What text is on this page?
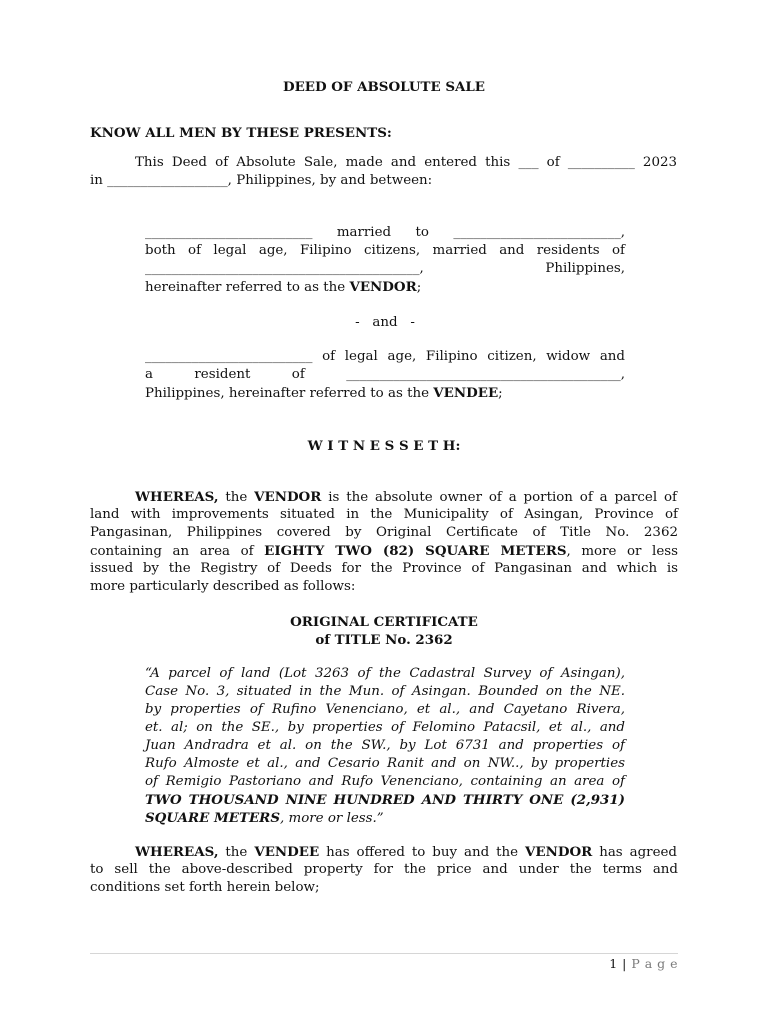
DEED OF ABSOLUTE SALE
KNOW ALL MEN BY THESE PRESENTS:
This Deed of Absolute Sale, made and entered this ___ of __________ 2023
in __________________, Philippines, by and between:
_________________________ married to _________________________,
both of legal age, Filipino citizens, married and residents of
_________________________________________,	Philippines,
hereinafter referred to as the VENDOR;
-   and   -
_________________________ of legal age, Filipino citizen, widow and
a	resident	of	_________________________________________,
Philippines, hereinafter referred to as the VENDEE;
W I T N E S S E T H:
WHEREAS, the VENDOR is the absolute owner of a portion of a parcel of
land with improvements situated in the Municipality of Asingan, Province of
Pangasinan, Philippines covered by Original Certificate of Title No. 2362
containing an area of EIGHTY TWO (82) SQUARE METERS, more or less
issued by the Registry of Deeds for the Province of Pangasinan and which is
more particularly described as follows:
ORIGINAL CERTIFICATE
of TITLE No. 2362
“A parcel of land (Lot 3263 of the Cadastral Survey of Asingan),
Case No. 3, situated in the Mun. of Asingan. Bounded on the NE.
by properties of Rufino Venenciano, et al., and Cayetano Rivera,
et. al; on the SE., by properties of Felomino Patacsil, et al., and
Juan Andradra et al. on the SW., by Lot 6731 and properties of
Rufo Almoste et al., and Cesario Ranit and on NW.., by properties
of Remigio Pastoriano and Rufo Venenciano, containing an area of
TWO THOUSAND NINE HUNDRED AND THIRTY ONE (2,931)
SQUARE METERS, more or less.”
WHEREAS, the VENDEE has offered to buy and the VENDOR has agreed
to sell the above-described property for the price and under the terms and
conditions set forth herein below;
1 | P a g e
